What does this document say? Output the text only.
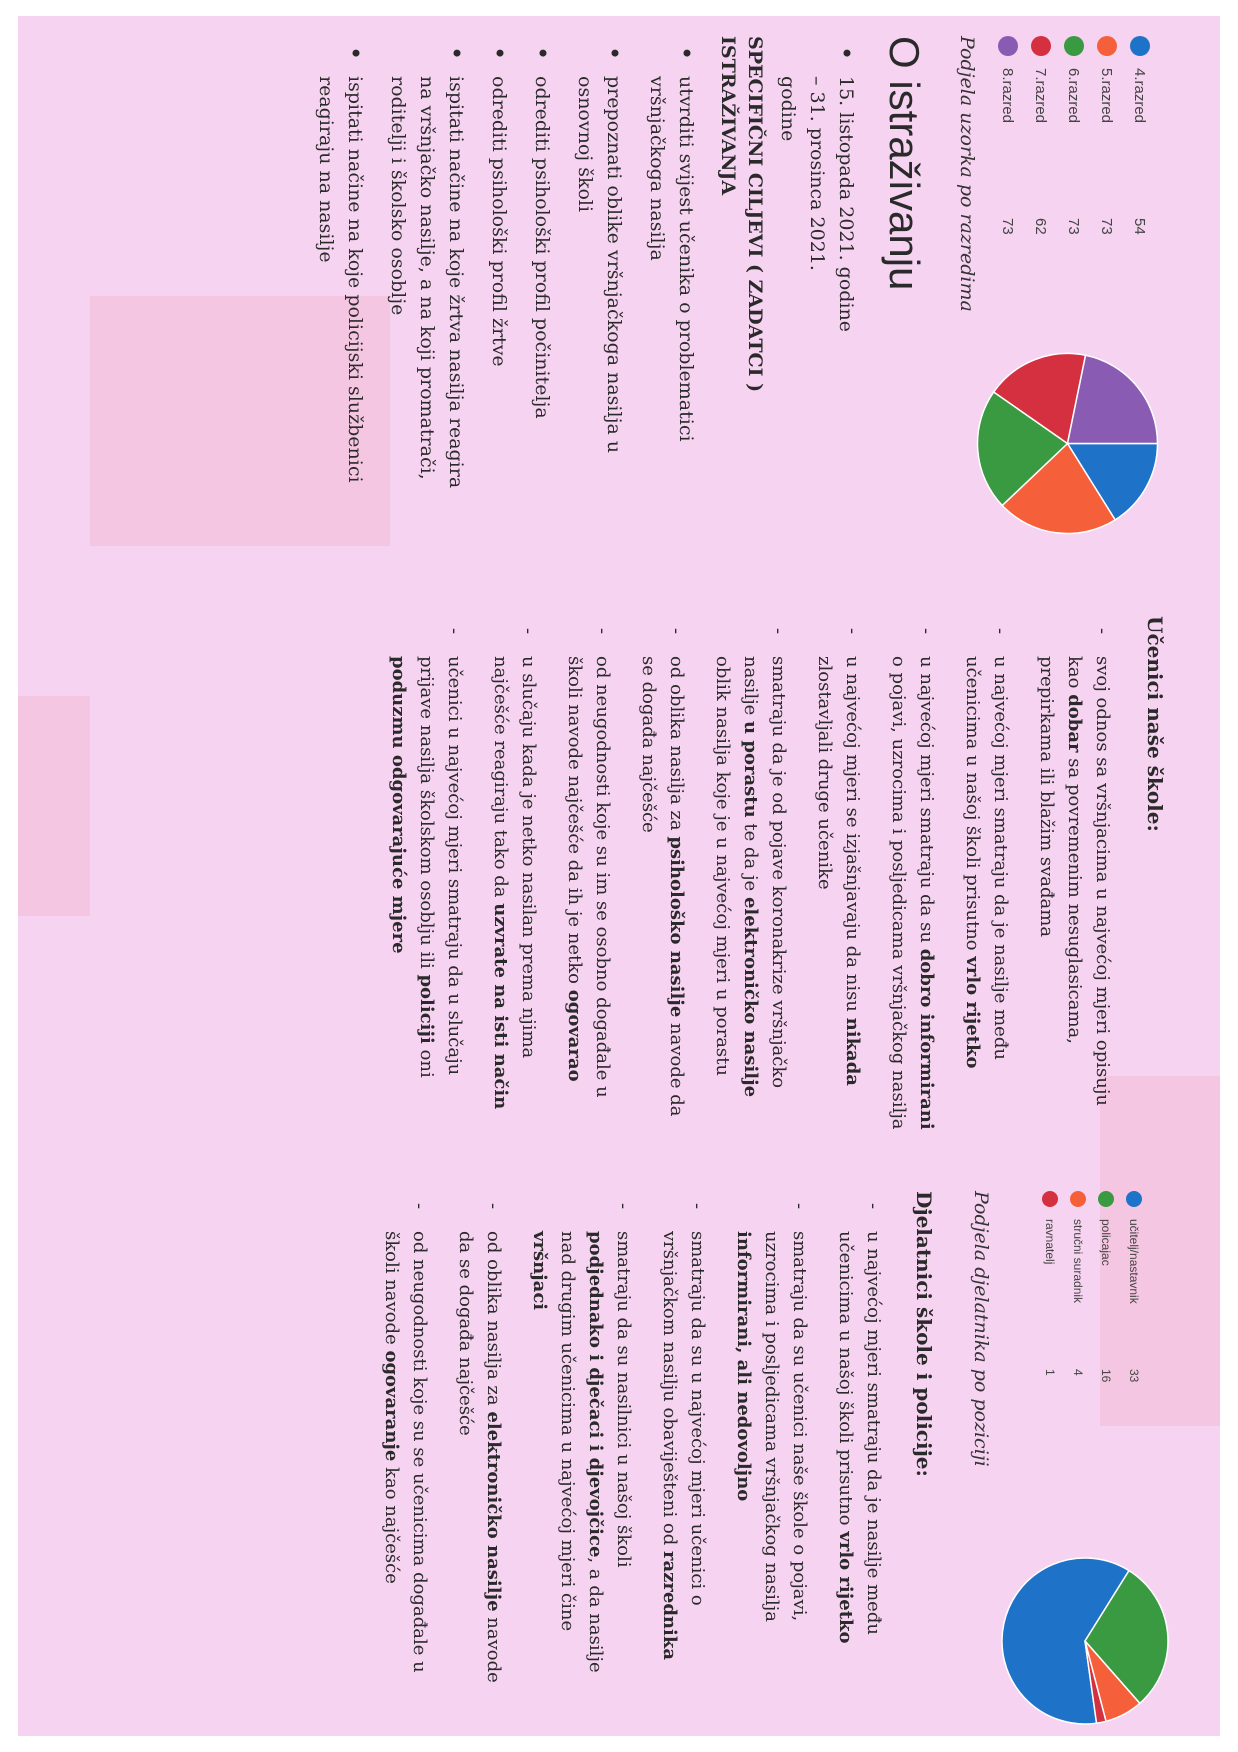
4.razred
54
5.razred
73
6.razred
73
7.razred
62
8.razred
73
Podjela uzorka po razredima
O istraživanju
• 15. listopada 2021. godine – 31. prosinca 2021. godine
SPECIFIČNI CILJEVI ( ZADATCI ) ISTRAŽIVANJA
• utvrditi svijest učenika o problematici vršnjačkoga nasilja
• prepoznati oblike vršnjačkoga nasilja u osnovnoj školi
• odrediti psihološki profil počinitelja
• odrediti psihološki profil žrtve
• ispitati načine na koje žrtva nasilja reagira na vršnjačko nasilje, a na koji promatrači, roditelji i školsko osoblje
• ispitati načine na koje policijski službenici reagiraju na nasilje
Učenici naše škole:
- svoj odnos sa vršnjacima u najvećoj mjeri opisuju kao dobar sa povremenim nesuglasicama, prepirkama ili blažim svađama
- u najvećoj mjeri smatraju da je nasilje među učenicima u našoj školi prisutno vrlo rijetko
- u najvećoj mjeri smatraju da su dobro informirani o pojavi, uzrocima i posljedicama vršnjačkog nasilja
- u najvećoj mjeri se izjašnjavaju da nisu nikada zlostavljali druge učenike
- smatraju da je od pojave koronakrize vršnjačko nasilje u porastu te da je elektroničko nasilje oblik nasilja koje je u najvećoj mjeri u porastu
- od oblika nasilja za psihološko nasilje navode da se događa najčešće
- od neugodnosti koje su im se osobno događale u školi navode najčešće da ih je netko ogovarao
- u slučaju kada je netko nasilan prema njima najčešće reagiraju tako da uzvrate na isti način
- učenici u najvećoj mjeri smatraju da u slučaju prijave nasilja školskom osoblju ili policiji oni poduzmu odgovarajuće mjere
učitelj/nastavnik
33
policajac
16
stručni suradnik
4
ravnatelj
1
Podjela djelatnika po poziciji
Djelatnici škole i policije:
- u najvećoj mjeri smatraju da je nasilje među učenicima u našoj školi prisutno vrlo rijetko
- smatraju da su učenici naše škole o pojavi, uzrocima i posljedicama vršnjačkog nasilja informirani, ali nedovoljno
- smatraju da su u najvećoj mjeri učenici o vršnjačkom nasilju obaviješteni od razrednika
- smatraju da su nasilnici u našoj školi podjednako i dječaci i djevojčice, a da nasilje nad drugim učenicima u najvećoj mjeri čine vršnjaci
- od oblika nasilja za elektroničko nasilje navode da se događa najčešće
- od neugodnosti koje su se učenicima događale u školi navode ogovaranje kao najčešće
